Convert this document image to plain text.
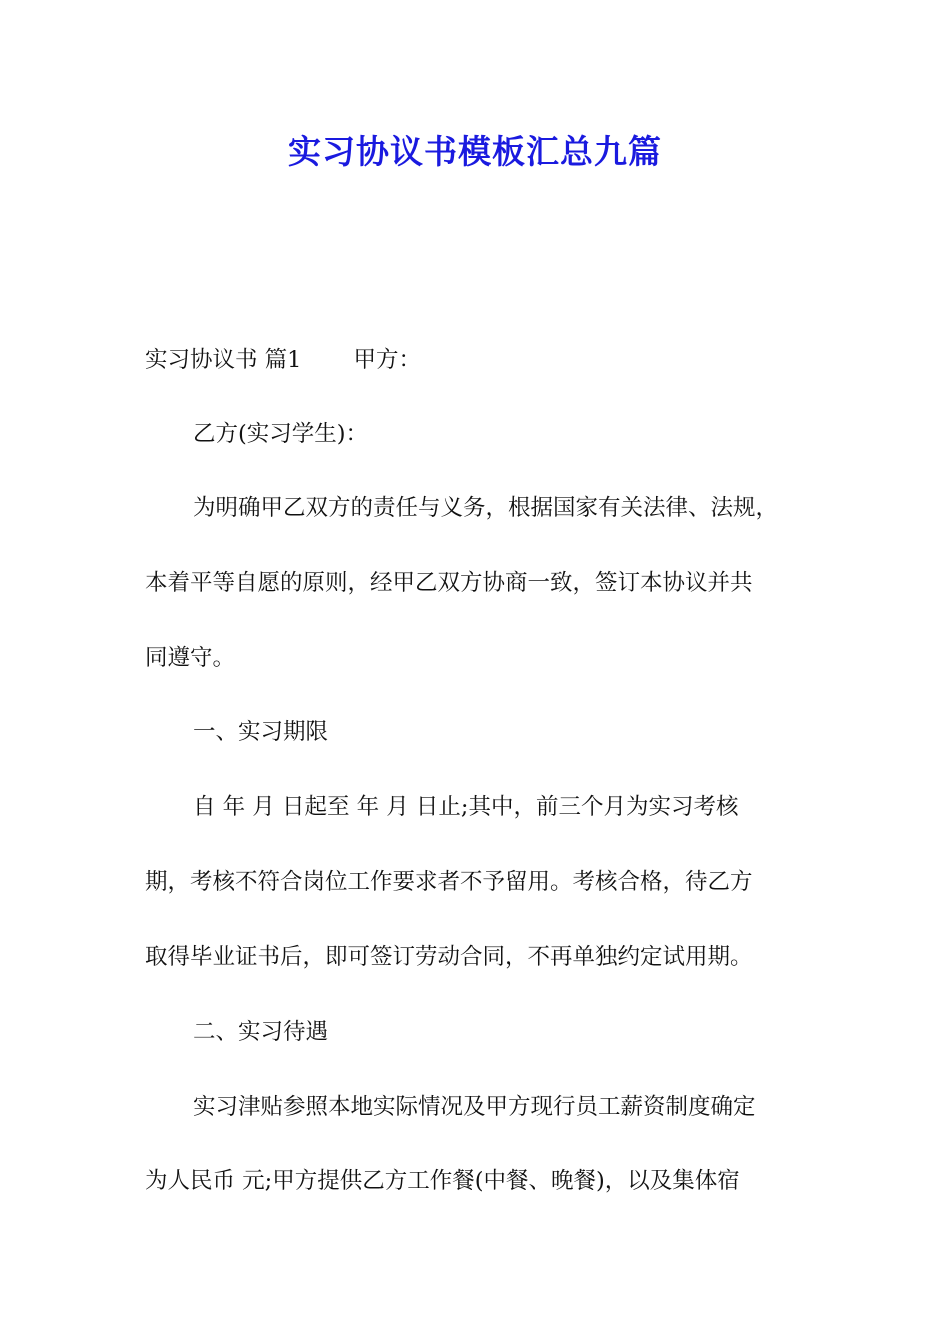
实习协议书模板汇总九篇
实习协议书 篇1 甲方：
乙方(实习学生)：
为明确甲乙双方的责任与义务，根据国家有关法律、法规，
本着平等自愿的原则，经甲乙双方协商一致，签订本协议并共
同遵守。
一、实习期限
自 年 月 日起至 年 月 日止;其中，前三个月为实习考核
期，考核不符合岗位工作要求者不予留用。考核合格，待乙方
取得毕业证书后，即可签订劳动合同，不再单独约定试用期。
二、实习待遇
实习津贴参照本地实际情况及甲方现行员工薪资制度确定
为人民币 元;甲方提供乙方工作餐(中餐、晚餐)，以及集体宿
